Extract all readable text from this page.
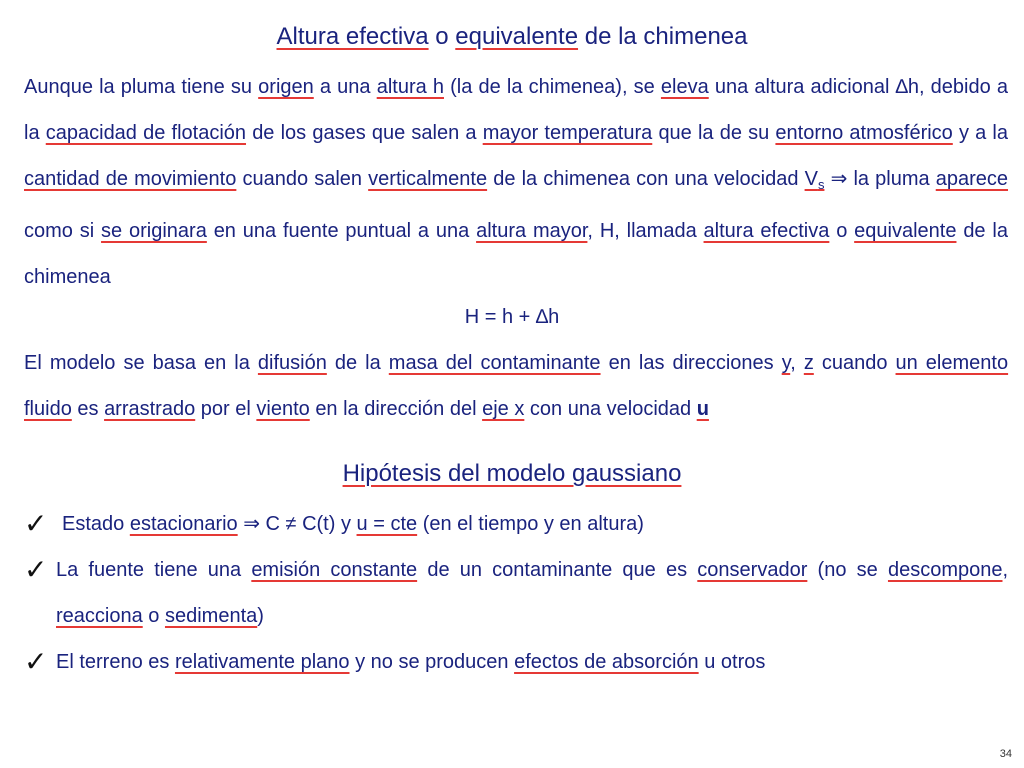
Altura efectiva o equivalente de la chimenea
Aunque la pluma tiene su origen a una altura h (la de la chimenea), se eleva una altura adicional ∆h, debido a la capacidad de flotación de los gases que salen a mayor temperatura que la de su entorno atmosférico y a la cantidad de movimiento cuando salen verticalmente de la chimenea con una velocidad $V_s$ ⇒ la pluma aparece como si se originara en una fuente puntual a una altura mayor, H, llamada altura efectiva o equivalente de la chimenea
H = h + ∆h
El modelo se basa en la difusión de la masa del contaminante en las direcciones y, z cuando un elemento fluido es arrastrado por el viento en la dirección del eje x con una velocidad u
Hipótesis del modelo gaussiano
✓ Estado estacionario ⇒ C ≠ C(t) y u = cte (en el tiempo y en altura)
✓ La fuente tiene una emisión constante de un contaminante que es conservador (no se descompone, reacciona o sedimenta)
✓ El terreno es relativamente plano y no se producen efectos de absorción u otros
34
